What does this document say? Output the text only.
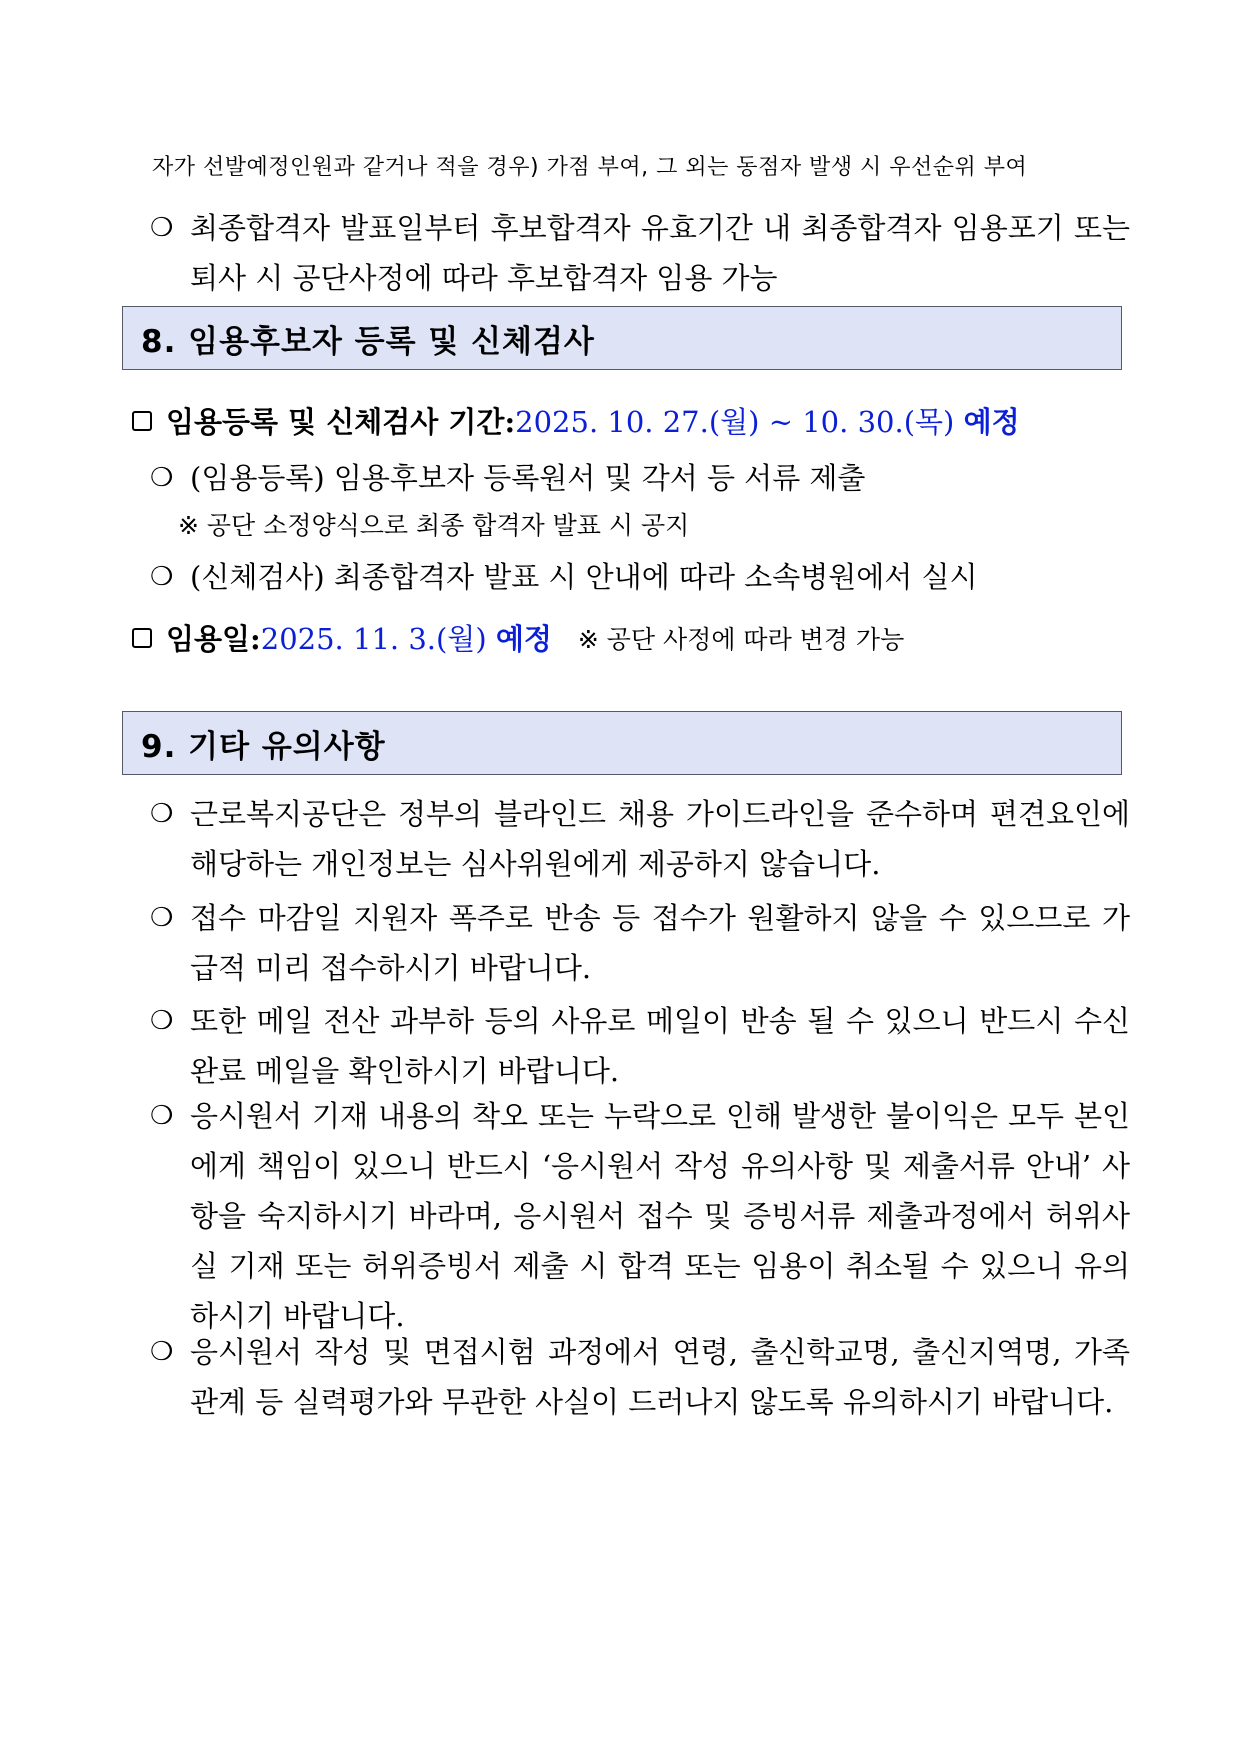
자가 선발예정인원과 같거나 적을 경우) 가점 부여, 그 외는 동점자 발생 시 우선순위 부여
❍ 최종합격자 발표일부터 후보합격자 유효기간 내 최종합격자 임용포기 또는 퇴사 시 공단사정에 따라 후보합격자 임용 가능
8. 임용후보자 등록 및 신체검사
임용등록 및 신체검사 기간: 2025. 10. 27.(월) ~ 10. 30.(목) 예정
❍ (임용등록) 임용후보자 등록원서 및 각서 등 서류 제출
※ 공단 소정양식으로 최종 합격자 발표 시 공지
❍ (신체검사) 최종합격자 발표 시 안내에 따라 소속병원에서 실시
임용일: 2025. 11. 3.(월) 예정 ※ 공단 사정에 따라 변경 가능
9. 기타 유의사항
❍ 근로복지공단은 정부의 블라인드 채용 가이드라인을 준수하며 편견요인에 해당하는 개인정보는 심사위원에게 제공하지 않습니다.
❍ 접수 마감일 지원자 폭주로 반송 등 접수가 원활하지 않을 수 있으므로 가급적 미리 접수하시기 바랍니다.
❍ 또한 메일 전산 과부하 등의 사유로 메일이 반송 될 수 있으니 반드시 수신 완료 메일을 확인하시기 바랍니다.
❍ 응시원서 기재 내용의 착오 또는 누락으로 인해 발생한 불이익은 모두 본인에게 책임이 있으니 반드시 ‘응시원서 작성 유의사항 및 제출서류 안내’ 사항을 숙지하시기 바라며, 응시원서 접수 및 증빙서류 제출과정에서 허위사실 기재 또는 허위증빙서 제출 시 합격 또는 임용이 취소될 수 있으니 유의하시기 바랍니다.
❍ 응시원서 작성 및 면접시험 과정에서 연령, 출신학교명, 출신지역명, 가족관계 등 실력평가와 무관한 사실이 드러나지 않도록 유의하시기 바랍니다.
